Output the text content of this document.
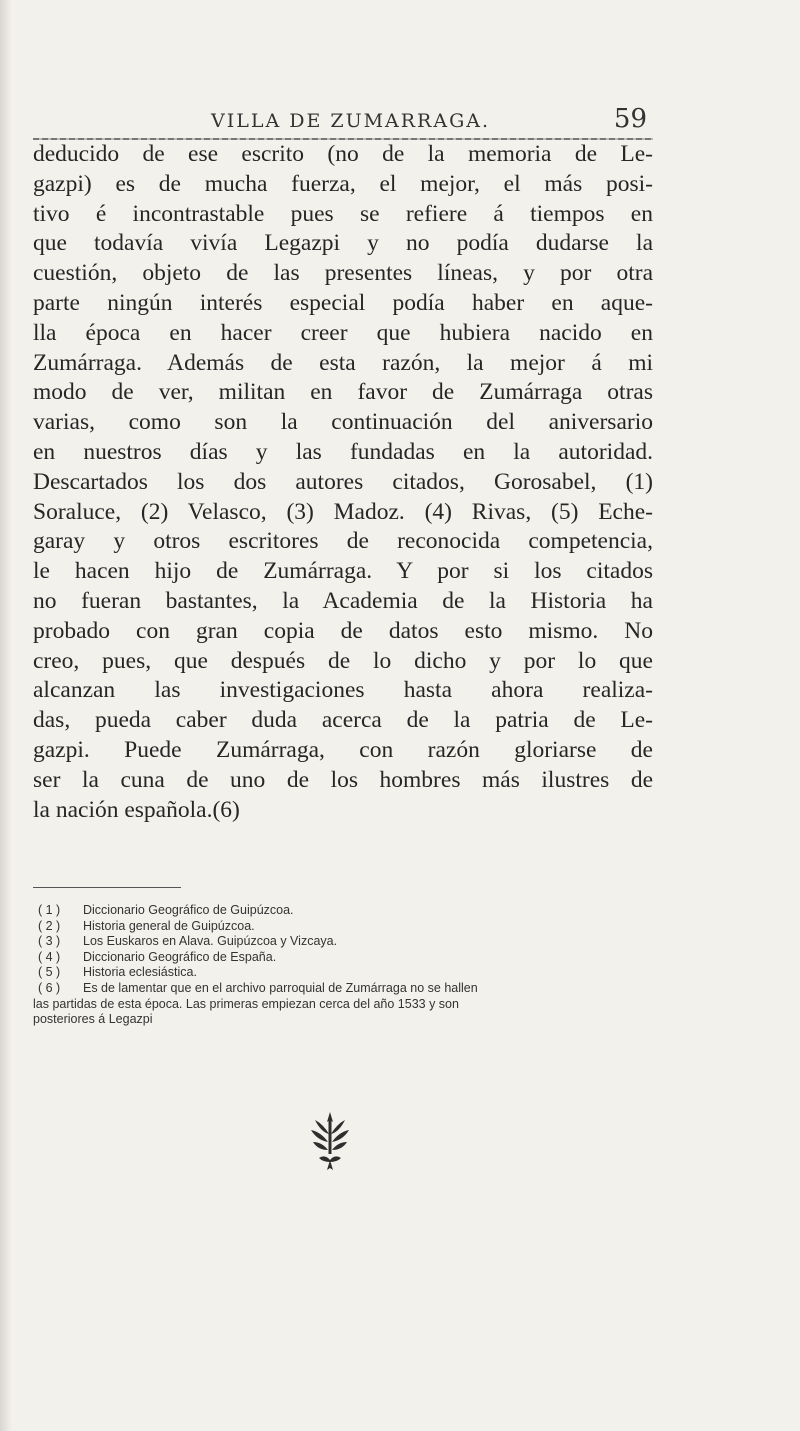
VILLA DE ZUMARRAGA.	59
deducido de ese escrito (no de la memoria de Le-
gazpi) es de mucha fuerza, el mejor, el más posi-
tivo é incontrastable pues se refiere á tiempos en
que todavía vivía Legazpi y no podía dudarse la
cuestión, objeto de las presentes líneas, y por otra
parte ningún interés especial podía haber en aque-
lla época en hacer creer que hubiera nacido en
Zumárraga. Además de esta razón, la mejor á mi
modo de ver, militan en favor de Zumárraga otras
varias, como son la continuación del aniversario
en nuestros días y las fundadas en la autoridad.
Descartados los dos autores citados, Gorosabel, (1)
Soraluce, (2) Velasco, (3) Madoz. (4) Rivas, (5) Eche-
garay y otros escritores de reconocida competencia,
le hacen hijo de Zumárraga. Y por si los citados
no fueran bastantes, la Academia de la Historia ha
probado con gran copia de datos esto mismo. No
creo, pues, que después de lo dicho y por lo que
alcanzan las investigaciones hasta ahora realiza-
das, pueda caber duda acerca de la patria de Le-
gazpi. Puede Zumárraga, con razón gloriarse de
ser la cuna de uno de los hombres más ilustres de
la nación española.(6)
( 1 ) Diccionario Geográfico de Guipúzcoa.
( 2 ) Historia general de Guipúzcoa.
( 3 ) Los Euskaros en Alava. Guipúzcoa y Vizcaya.
( 4 ) Diccionario Geográfico de España.
( 5 ) Historia eclesiástica.
( 6 ) Es de lamentar que en el archivo parroquial de Zumárraga no se hallen
las partidas de esta época. Las primeras empiezan cerca del año 1533 y son
posteriores á Legazpi
